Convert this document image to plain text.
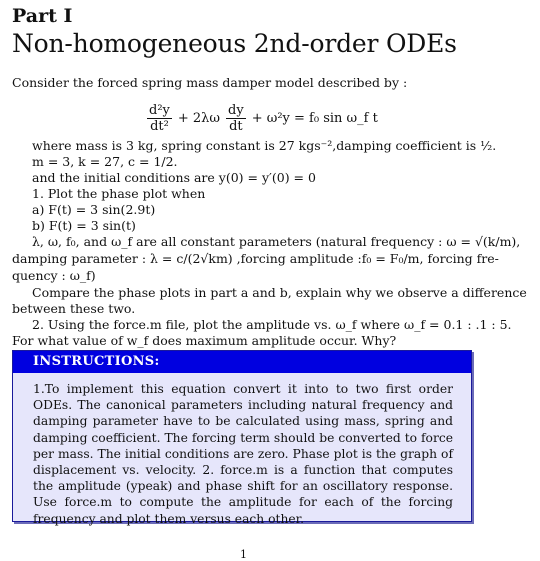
Part I
Non-homogeneous 2nd-order ODEs
Consider the forced spring mass damper model described by :
$\frac{\text{d²y}}{\text{dt²}} + 2\lambda\omega \frac{dy}{dt} + \omega^2y = f_0$ sin ω_f t
where mass is 3 kg, spring constant is 27 kgs⁻²,damping coefficient is ½.
m = 3, k = 27, c = 1/2.
and the initial conditions are y(0) = y′(0) = 0
1. Plot the phase plot when
a) F(t) = 3 sin(2.9t)
b) F(t) = 3 sin(t)
λ, ω, f₀, and ω_f are all constant parameters (natural frequency : ω = √(k/m),
damping parameter : λ = c/(2√km) ,forcing amplitude :f₀ = F₀/m, forcing fre-
quency : ω_f)
Compare the phase plots in part a and b, explain why we observe a difference
between these two.
2. Using the force.m file, plot the amplitude vs. ω_f where ω_f = 0.1 : .1 : 5.
For what value of w_f does maximum amplitude occur. Why?
INSTRUCTIONS:
1.To implement this equation convert it into to two first order ODEs. The canonical parameters including natural frequency and damping parameter have to be calculated using mass, spring and damping coefficient. The forcing term should be converted to force per mass. The initial conditions are zero. Phase plot is the graph of displacement vs. velocity. 2. force.m is a function that computes the amplitude (ypeak) and phase shift for an oscillatory response. Use force.m to compute the amplitude for each of the forcing frequency and plot them versus each other.
1
